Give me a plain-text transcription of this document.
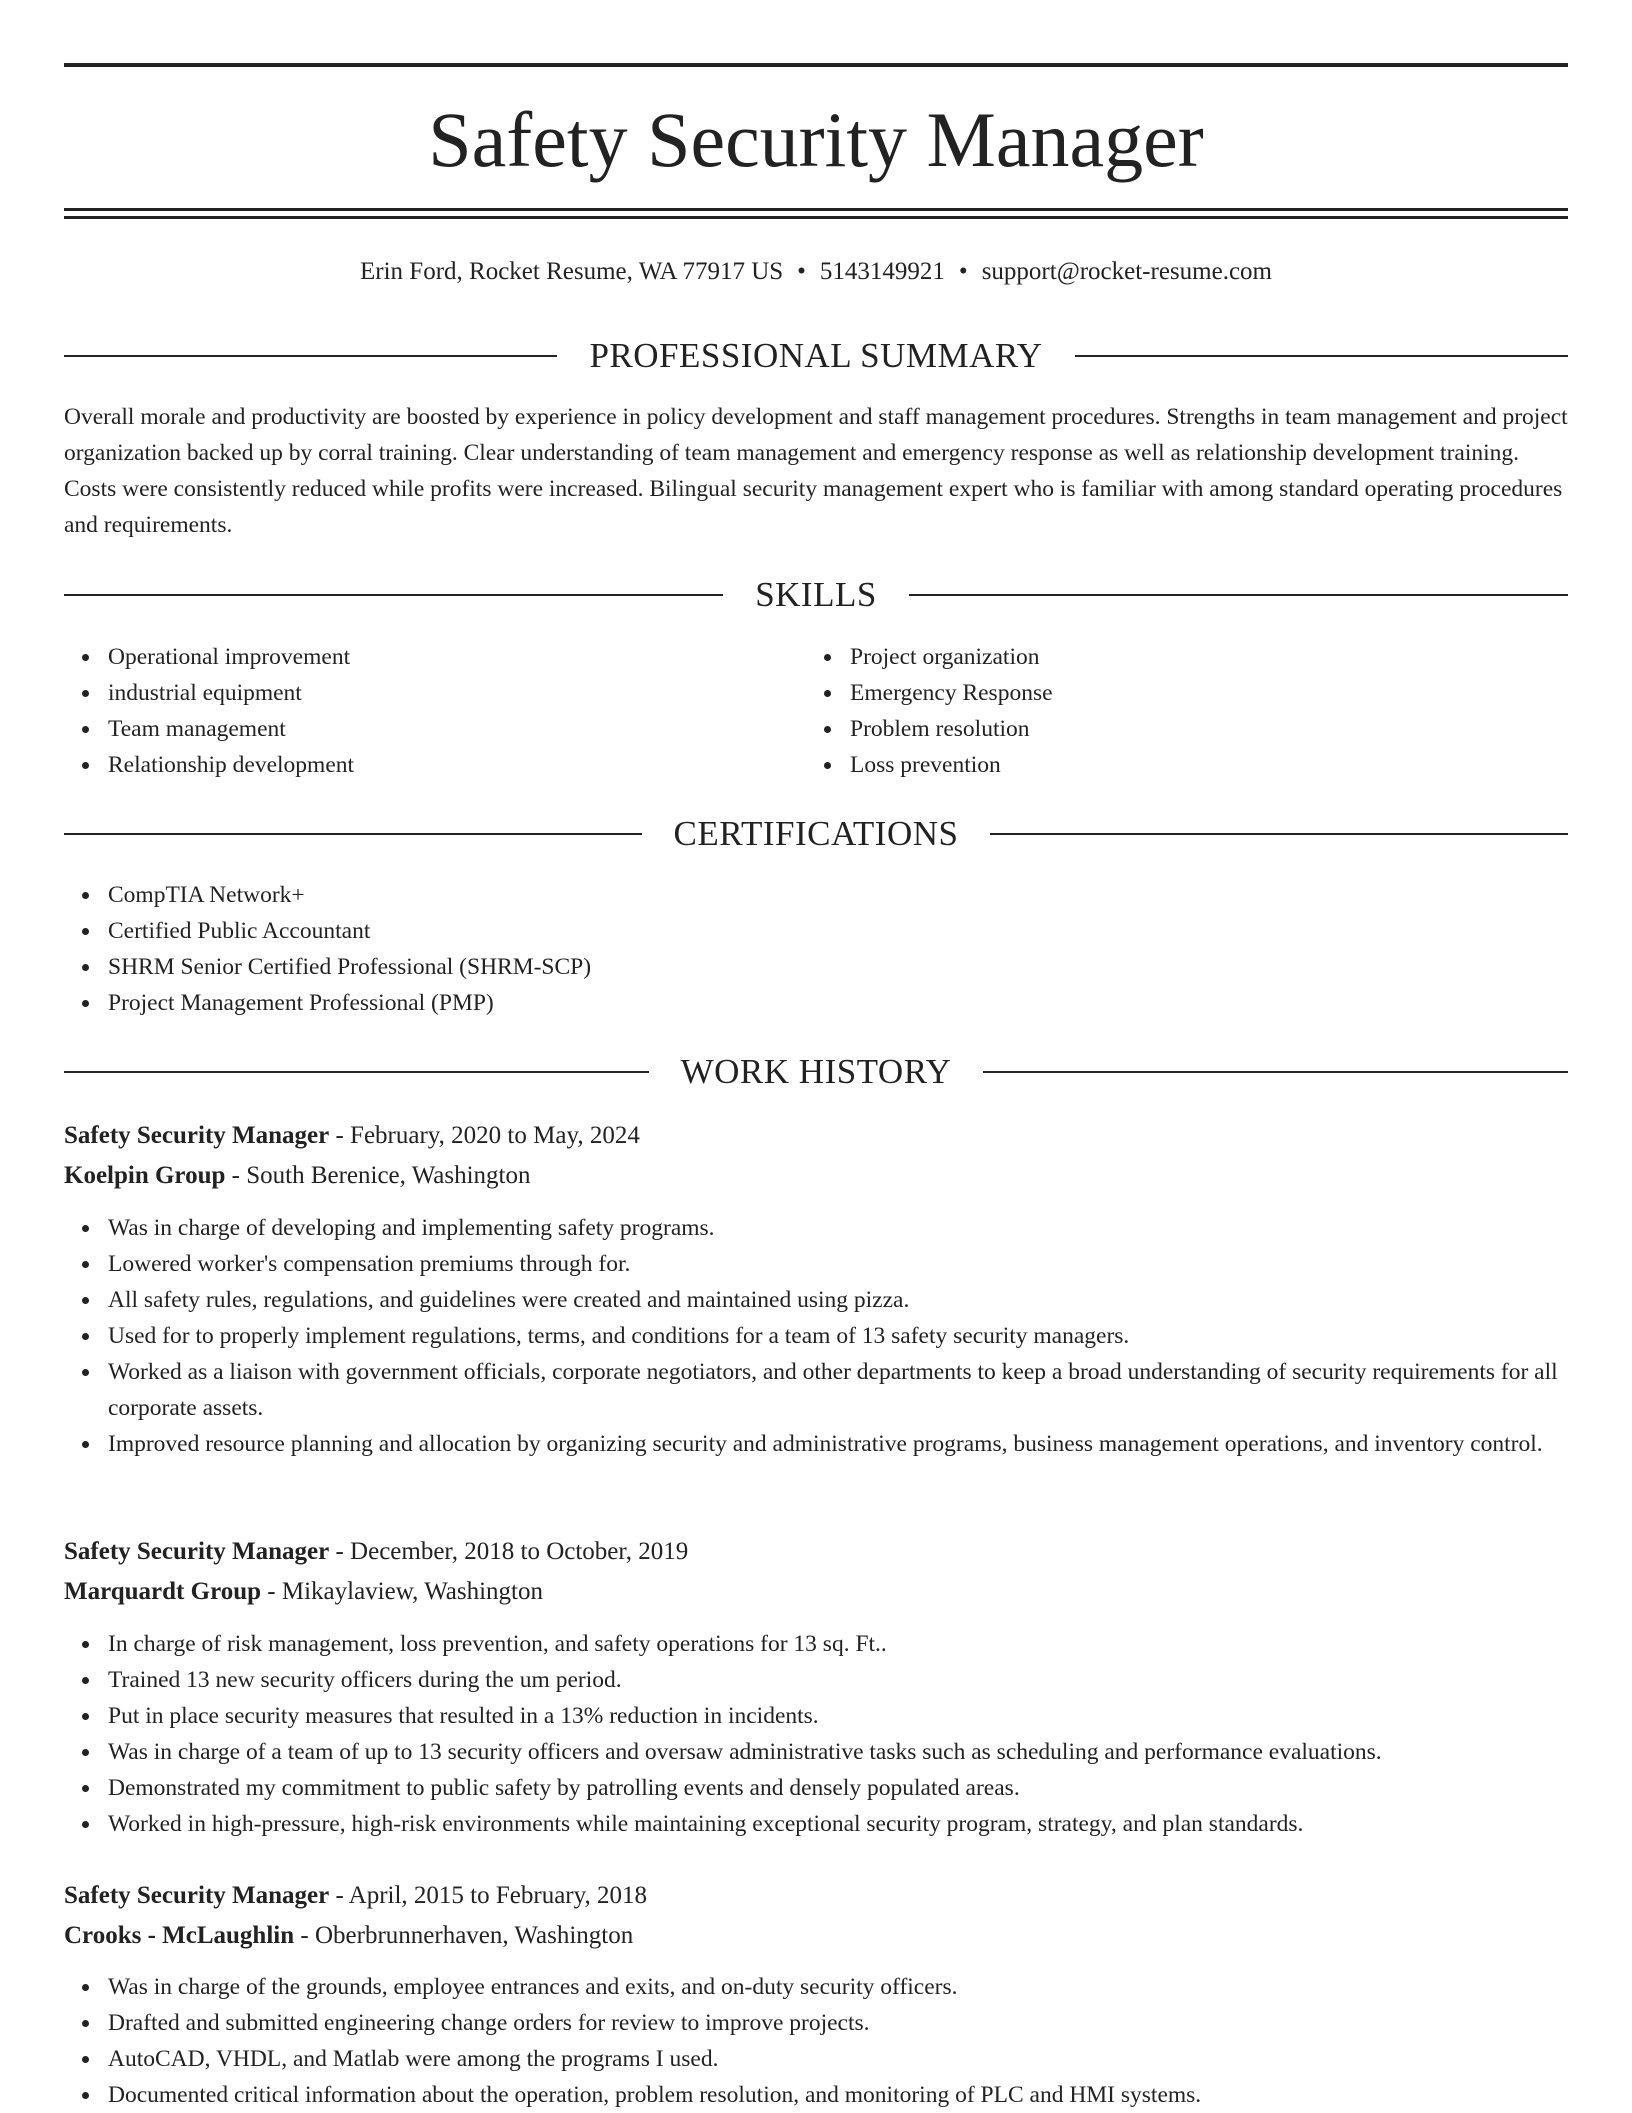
Safety Security Manager
Erin Ford, Rocket Resume, WA 77917 US • 5143149921 • support@rocket-resume.com
PROFESSIONAL SUMMARY

Overall morale and productivity are boosted by experience in policy development and staff management procedures. Strengths in team management and project organization backed up by corral training. Clear understanding of team management and emergency response as well as relationship development training. Costs were consistently reduced while profits were increased. Bilingual security management expert who is familiar with among standard operating procedures and requirements.

SKILLS
Operational improvement
industrial equipment
Team management
Relationship development
Project organization
Emergency Response
Problem resolution
Loss prevention
CERTIFICATIONS
CompTIA Network+
Certified Public Accountant
SHRM Senior Certified Professional (SHRM-SCP)
Project Management Professional (PMP)
WORK HISTORY
Safety Security Manager - February, 2020 to May, 2024
Koelpin Group - South Berenice, Washington
Was in charge of developing and implementing safety programs.
Lowered worker's compensation premiums through for.
All safety rules, regulations, and guidelines were created and maintained using pizza.
Used for to properly implement regulations, terms, and conditions for a team of 13 safety security managers.
Worked as a liaison with government officials, corporate negotiators, and other departments to keep a broad understanding of security requirements for all corporate assets.
Improved resource planning and allocation by organizing security and administrative programs, business management operations, and inventory control.
Safety Security Manager - December, 2018 to October, 2019
Marquardt Group - Mikaylaview, Washington
In charge of risk management, loss prevention, and safety operations for 13 sq. Ft..
Trained 13 new security officers during the um period.
Put in place security measures that resulted in a 13% reduction in incidents.
Was in charge of a team of up to 13 security officers and oversaw administrative tasks such as scheduling and performance evaluations.
Demonstrated my commitment to public safety by patrolling events and densely populated areas.
Worked in high-pressure, high-risk environments while maintaining exceptional security program, strategy, and plan standards.
Safety Security Manager - April, 2015 to February, 2018
Crooks - McLaughlin - Oberbrunnerhaven, Washington
Was in charge of the grounds, employee entrances and exits, and on-duty security officers.
Drafted and submitted engineering change orders for review to improve projects.
AutoCAD, VHDL, and Matlab were among the programs I used.
Documented critical information about the operation, problem resolution, and monitoring of PLC and HMI systems.
